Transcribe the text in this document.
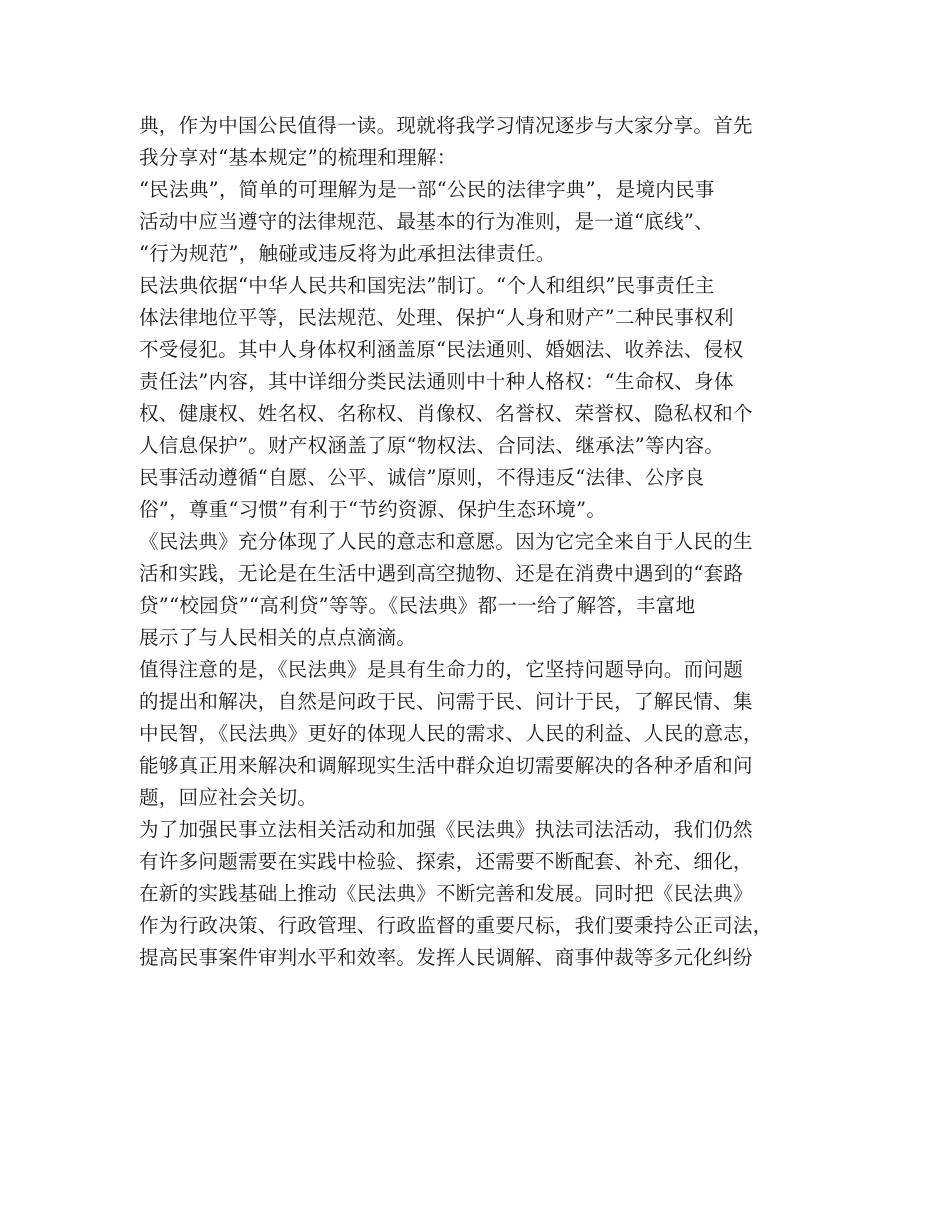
典，作为中国公民值得一读。现就将我学习情况逐步与大家分享。首先
我分享对“基本规定”的梳理和理解：
“民法典”，简单的可理解为是一部“公民的法律字典”，是境内民事
活动中应当遵守的法律规范、最基本的行为准则，是一道“底线”、
“行为规范”，触碰或违反将为此承担法律责任。
民法典依据“中华人民共和国宪法”制订。“个人和组织”民事责任主
体法律地位平等，民法规范、处理、保护“人身和财产”二种民事权利
不受侵犯。其中人身体权利涵盖原“民法通则、婚姻法、收养法、侵权
责任法”内容，其中详细分类民法通则中十种人格权：“生命权、身体
权、健康权、姓名权、名称权、肖像权、名誉权、荣誉权、隐私权和个
人信息保护”。财产权涵盖了原“物权法、合同法、继承法”等内容。
民事活动遵循“自愿、公平、诚信”原则，不得违反“法律、公序良
俗”，尊重“习惯”有利于“节约资源、保护生态环境”。
《民法典》充分体现了人民的意志和意愿。因为它完全来自于人民的生
活和实践，无论是在生活中遇到高空抛物、还是在消费中遇到的“套路
贷”“校园贷”“高利贷”等等。《民法典》都一一给了解答，丰富地
展示了与人民相关的点点滴滴。
值得注意的是，《民法典》是具有生命力的，它坚持问题导向。而问题
的提出和解决，自然是问政于民、问需于民、问计于民，了解民情、集
中民智，《民法典》更好的体现人民的需求、人民的利益、人民的意志，
能够真正用来解决和调解现实生活中群众迫切需要解决的各种矛盾和问
题，回应社会关切。
为了加强民事立法相关活动和加强《民法典》执法司法活动，我们仍然
有许多问题需要在实践中检验、探索，还需要不断配套、补充、细化，
在新的实践基础上推动《民法典》不断完善和发展。同时把《民法典》
作为行政决策、行政管理、行政监督的重要尺标，我们要秉持公正司法，
提高民事案件审判水平和效率。发挥人民调解、商事仲裁等多元化纠纷
